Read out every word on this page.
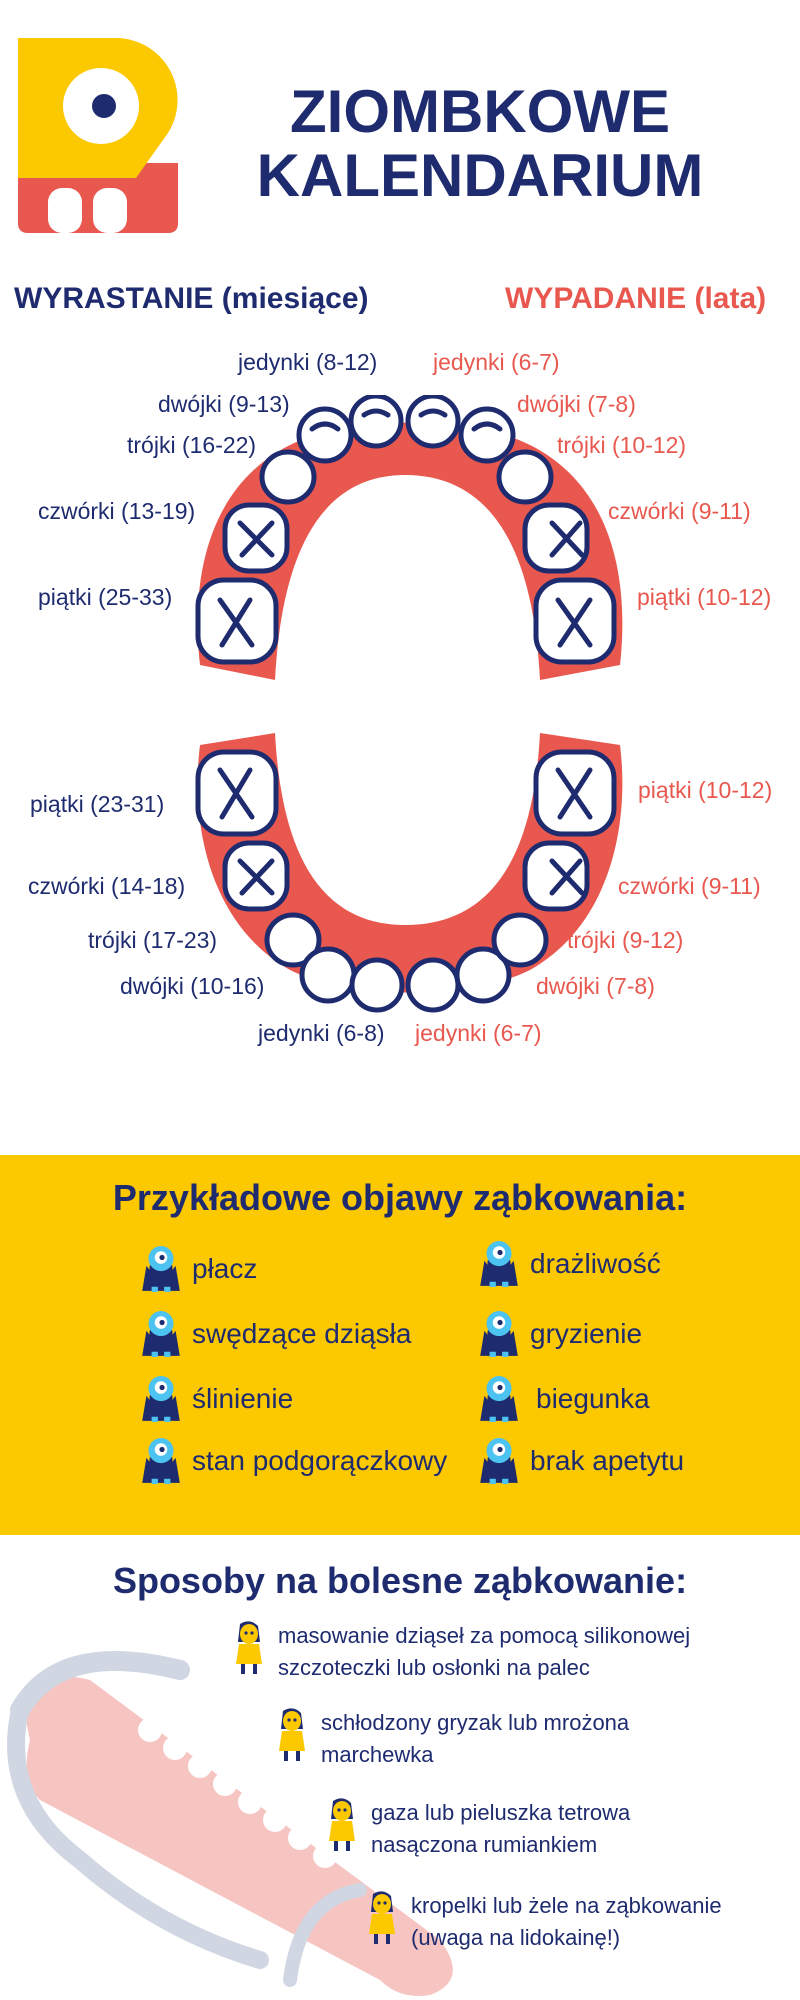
ZIOMBKOWE
KALENDARIUM
WYRASTANIE (miesiące)	WYPADANIE (lata)
jedynki (8-12)
dwójki (9-13)
trójki (16-22)
czwórki (13-19)
piątki (25-33)
jedynki (6-7)
dwójki (7-8)
trójki (10-12)
czwórki (9-11)
piątki (10-12)
piątki (23-31)
czwórki (14-18)
trójki (17-23)
dwójki (10-16)
jedynki (6-8)
piątki (10-12)
czwórki (9-11)
trójki (9-12)
dwójki (7-8)
jedynki (6-7)
Przykładowe objawy ząbkowania:
płacz	drażliwość
swędzące dziąsła	gryzienie
ślinienie	biegunka
stan podgorączkowy	brak apetytu
Sposoby na bolesne ząbkowanie:
masowanie dziąseł za pomocą silikonowej szczoteczki lub osłonki na palec
schłodzony gryzak lub mrożona marchewka
gaza lub pieluszka tetrowa nasączona rumiankiem
kropelki lub żele na ząbkowanie (uwaga na lidokainę!)
